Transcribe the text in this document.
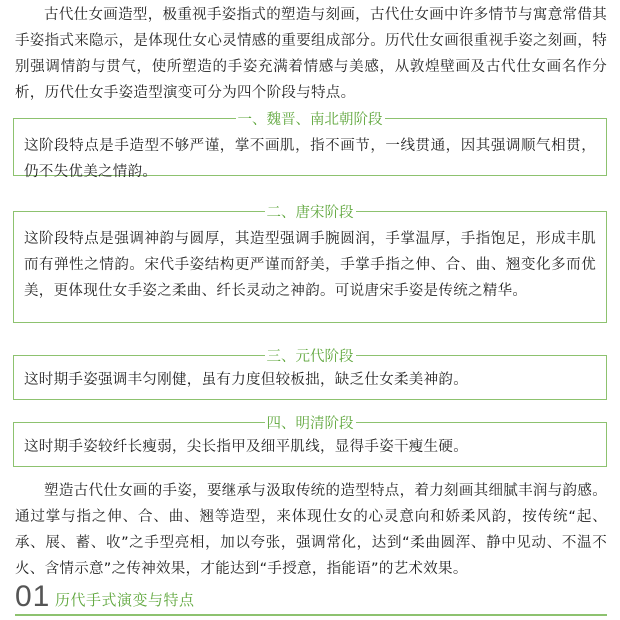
古代仕女画造型，极重视手姿指式的塑造与刻画，古代仕女画中许多情节与寓意常借其手姿指式来隐示，是体现仕女心灵情感的重要组成部分。历代仕女画很重视手姿之刻画，特别强调情韵与贯气，使所塑造的手姿充满着情感与美感，从敦煌壁画及古代仕女画名作分析，历代仕女手姿造型演变可分为四个阶段与特点。

一、魏晋、南北朝阶段

这阶段特点是手造型不够严谨，掌不画肌，指不画节，一线贯通，因其强调顺气相贯，仍不失优美之情韵。

二、唐宋阶段

这阶段特点是强调神韵与圆厚，其造型强调手腕圆润，手掌温厚，手指饱足，形成丰肌而有弹性之情韵。宋代手姿结构更严谨而舒美，手掌手指之伸、合、曲、翘变化多而优美，更体现仕女手姿之柔曲、纤长灵动之神韵。可说唐宋手姿是传统之精华。

三、元代阶段

这时期手姿强调丰匀刚健，虽有力度但较板拙，缺乏仕女柔美神韵。

四、明清阶段

这时期手姿较纤长瘦弱，尖长指甲及细平肌线，显得手姿干瘦生硬。

塑造古代仕女画的手姿，要继承与汲取传统的造型特点，着力刻画其细腻丰润与韵感。通过掌与指之伸、合、曲、翘等造型，来体现仕女的心灵意向和娇柔风韵，按传统“起、承、展、蓄、收”之手型亮相，加以夸张，强调常化，达到“柔曲圆浑、静中见动、不温不火、含情示意”之传神效果，才能达到“手授意，指能语”的艺术效果。

01 历代手式演变与特点
